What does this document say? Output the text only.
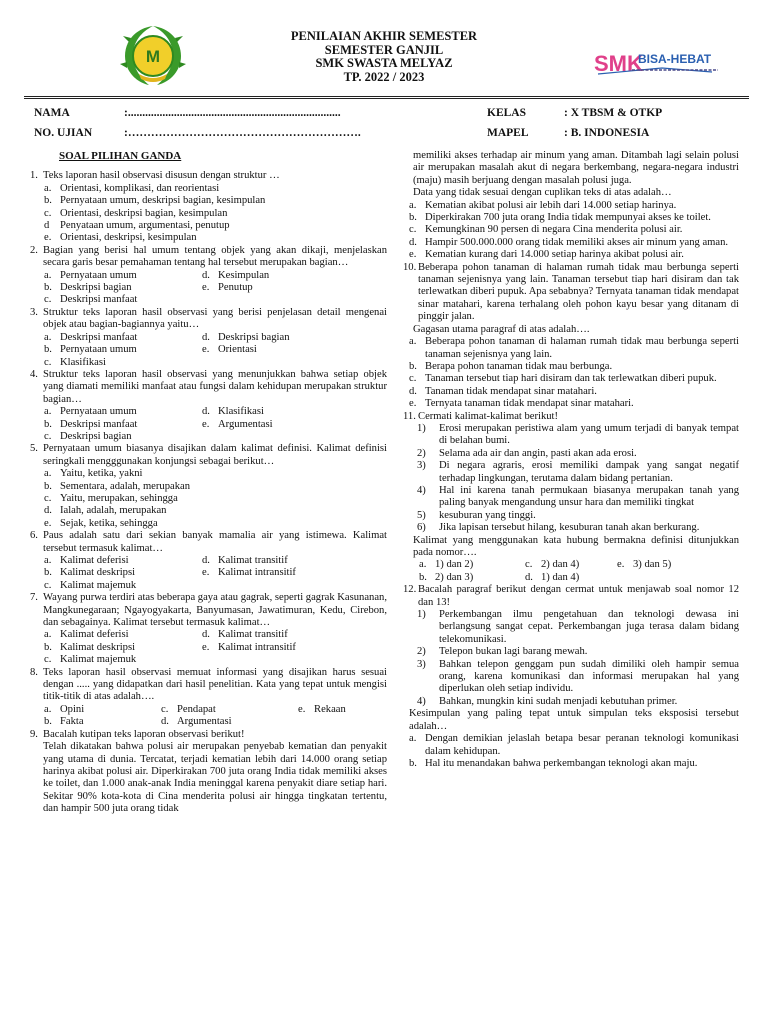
M
PENILAIAN AKHIR SEMESTER
SEMESTER GANJIL
SMK SWASTA MELYAZ
TP. 2022 / 2023
SMK
BISA-HEBAT
NAMA	:..........................................................................
NO. UJIAN	:…………………………………………………….
KELAS	: X TBSM & OTKP
MAPEL	: B. INDONESIA
SOAL PILIHAN GANDA
1. Teks laporan hasil observasi disusun dengan struktur …
a. Orientasi, komplikasi, dan reorientasi
b. Pernyataan umum, deskripsi bagian, kesimpulan
c. Orientasi, deskripsi bagian, kesimpulan
d	Penyataan umum, argumentasi, penutup
e. Orientasi, deskripsi, kesimpulan
2. Bagian yang berisi hal umum tentang objek yang akan dikaji, menjelaskan secara garis besar pemahaman tentang hal tersebut merupakan bagian…
a. Pernyataan umum	d. Kesimpulan
b. Deskripsi bagian	e. Penutup
c. Deskripsi manfaat
3. Struktur teks laporan hasil observasi yang berisi penjelasan detail mengenai objek atau bagian-bagiannya yaitu…
a. Deskripsi manfaat	d. Deskripsi bagian
b. Pernyataan umum	e. Orientasi
c. Klasifikasi
4. Struktur teks laporan hasil observasi yang menunjukkan bahwa setiap objek yang diamati memiliki manfaat atau fungsi dalam kehidupan merupakan struktur bagian…
a. Pernyataan umum	d. Klasifikasi
b. Deskripsi manfaat	e. Argumentasi
c. Deskripsi bagian
5. Pernyataan umum biasanya disajikan dalam kalimat definisi. Kalimat definisi seringkali mengggunakan konjungsi sebagai berikut…
a. Yaitu, ketika, yakni
b. Sementara, adalah, merupakan
c. Yaitu, merupakan, sehingga
d. Ialah, adalah, merupakan
e. Sejak, ketika, sehingga
6. Paus adalah satu dari sekian banyak mamalia air yang istimewa. Kalimat tersebut termasuk kalimat…
a. Kalimat deferisi	d. Kalimat transitif
b. Kalimat deskripsi	e. Kalimat intransitif
c. Kalimat majemuk
7. Wayang purwa terdiri atas beberapa gaya atau gagrak, seperti gagrak Kasunanan, Mangkunegaraan; Ngayogyakarta, Banyumasan, Jawatimuran, Kedu, Cirebon, dan sebagainya. Kalimat tersebut termasuk kalimat…
a. Kalimat deferisi	d. Kalimat transitif
b. Kalimat deskripsi	e. Kalimat intransitif
c. Kalimat majemuk
8. Teks laporan hasil observasi memuat informasi yang disajikan harus sesuai dengan ..... yang didapatkan dari hasil penelitian. Kata yang tepat untuk mengisi titik-titik di atas adalah….
a. Opini	c. Pendapat	e. Rekaan
b. Fakta	d. Argumentasi
9. Bacalah kutipan teks laporan observasi berikut!
Telah dikatakan bahwa polusi air merupakan penyebab kematian dan penyakit yang utama di dunia. Tercatat, terjadi kematian lebih dari 14.000 orang setiap harinya akibat polusi air. Diperkirakan 700 juta orang India tidak memiliki akses ke toilet, dan 1.000 anak-anak India meninggal karena penyakit diare setiap hari. Sekitar 90% kota-kota di Cina menderita polusi air hingga tingkatan tertentu, dan hampir 500 juta orang tidak
memiliki akses terhadap air minum yang aman. Ditambah lagi selain polusi air merupakan masalah akut di negara berkembang, negara-negara industri (maju) masih berjuang dengan masalah polusi juga.
Data yang tidak sesuai dengan cuplikan teks di atas adalah…
a. Kematian akibat polusi air lebih dari 14.000 setiap harinya.
b. Diperkirakan 700 juta orang India tidak mempunyai akses ke toilet.
c. Kemungkinan 90 persen di negara Cina menderita polusi air.
d. Hampir 500.000.000 orang tidak memiliki akses air minum yang aman.
e. Kematian kurang dari 14.000 setiap harinya akibat polusi air.
10. Beberapa pohon tanaman di halaman rumah tidak mau berbunga seperti tanaman sejenisnya yang lain. Tanaman tersebut tiap hari disiram dan tak terlewatkan diberi pupuk. Apa sebabnya? Ternyata tanaman tidak mendapat sinar matahari, karena terhalang oleh pohon kayu besar yang ditanam di pinggir jalan.
Gagasan utama paragraf di atas adalah….
a. Beberapa pohon tanaman di halaman rumah tidak mau berbunga seperti tanaman sejenisnya yang lain.
b. Berapa pohon tanaman tidak mau berbunga.
c. Tanaman tersebut tiap hari disiram dan tak terlewatkan diberi pupuk.
d. Tanaman tidak mendapat sinar matahari.
e. Ternyata tanaman tidak mendapat sinar matahari.
11. Cermati kalimat-kalimat berikut!
1)	Erosi merupakan peristiwa alam yang umum terjadi di banyak tempat di belahan bumi.
2)	Selama ada air dan angin, pasti akan ada erosi.
3)	Di negara agraris, erosi memiliki dampak yang sangat negatif terhadap lingkungan, terutama dalam bidang pertanian.
4)	Hal ini karena tanah permukaan biasanya merupakan tanah yang paling banyak mengandung unsur hara dan memiliki tingkat
5)	kesuburan yang tinggi.
6)	Jika lapisan tersebut hilang, kesuburan tanah akan berkurang.
Kalimat yang menggunakan kata hubung bermakna definisi ditunjukkan pada nomor….
a. 1) dan 2)	c. 2) dan 4)	e. 3) dan 5)
b. 2) dan 3)	d. 1) dan 4)
12. Bacalah paragraf berikut dengan cermat untuk menjawab soal nomor 12 dan 13!
1)	Perkembangan ilmu pengetahuan dan teknologi dewasa ini berlangsung sangat cepat. Perkembangan juga terasa dalam bidang telekomunikasi.
2)	Telepon bukan lagi barang mewah.
3)	Bahkan telepon genggam pun sudah dimiliki oleh hampir semua orang, karena komunikasi dan informasi merupakan hal yang diperlukan oleh setiap individu.
4)	Bahkan, mungkin kini sudah menjadi kebutuhan primer.
Kesimpulan yang paling tepat untuk simpulan teks eksposisi tersebut adalah…
a. Dengan demikian jelaslah betapa besar peranan teknologi komunikasi dalam kehidupan.
b. Hal itu menandakan bahwa perkembangan teknologi akan maju.
